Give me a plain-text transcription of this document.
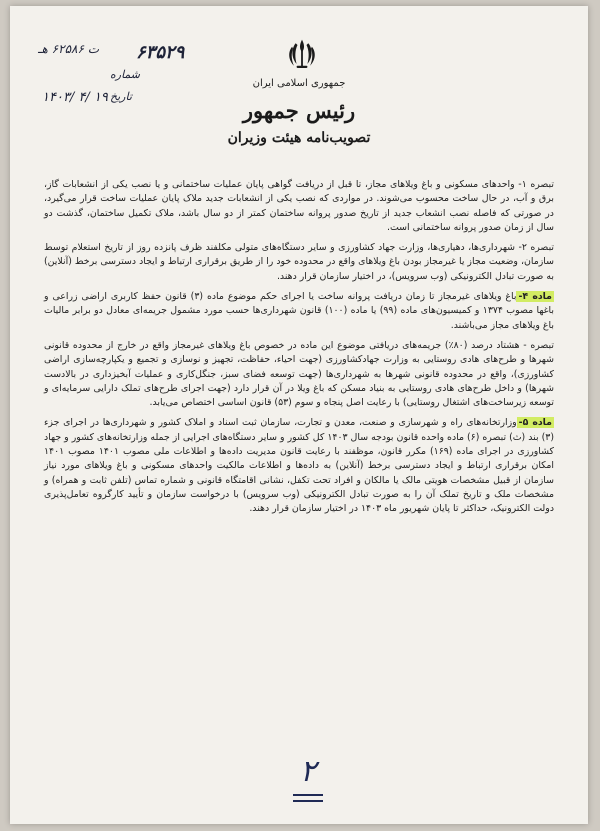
۶۳۵۲۹
ت ۶۲۵۸۶ هـ
شماره
تاریخ
۱۴۰۳/ ۴/ ۱۹
جمهوری اسلامی ایران
رئیس جمهور
تصویب‌نامه هیئت وزیران

تبصره ۱- واحدهای مسکونی و باغ ویلاهای مجاز، تا قبل از دریافت گواهی پایان عملیات ساختمانی و یا نصب یکی از انشعابات گاز، برق و آب، در حال ساخت محسوب می‌شوند. در مواردی که نصب یکی از انشعابات جدید ملاک پایان عملیات ساخت قرار می‌گیرد، در صورتی که فاصله نصب انشعاب جدید از تاریخ صدور پروانه ساختمان کمتر از دو سال باشد، ملاک تکمیل ساختمان، گذشت دو سال از زمان صدور پروانه ساختمانی است.

تبصره ۲- شهرداری‌ها، دهیاری‌ها، وزارت جهاد کشاورزی و سایر دستگاه‌های متولی مکلفند ظرف پانزده روز از تاریخ استعلام توسط سازمان، وضعیت مجاز یا غیرمجاز بودن باغ ویلاهای واقع در محدوده خود را از طریق برقراری ارتباط و ایجاد دسترسی برخط (آنلاین) به صورت تبادل الکترونیکی (وب سرویس)، در اختیار سازمان قرار دهند.

ماده ۴-باغ ویلاهای غیرمجاز تا زمان دریافت پروانه ساخت یا اجرای حکم موضوع ماده (۳) قانون حفظ کاربری اراضی زراعی و باغها مصوب ۱۳۷۴ و کمیسیون‌های ماده (۹۹) یا ماده (۱۰۰) قانون شهرداری‌ها حسب مورد مشمول جریمه‌ای معادل دو برابر مالیات باغ ویلاهای مجاز می‌باشند.

تبصره - هشتاد درصد (۸۰٪) جریمه‌های دریافتی موضوع این ماده در خصوص باغ ویلاهای غیرمجاز واقع در خارج از محدوده قانونی شهرها و طرح‌های هادی روستایی به وزارت جهادکشاورزی (جهت احیاء، حفاظت، تجهیز و نوسازی و تجمیع و یکپارچه‌سازی اراضی کشاورزی)، واقع در محدوده قانونی شهرها به شهرداری‌ها (جهت توسعه فضای سبز، جنگل‌کاری و عملیات آبخیزداری در بالادست شهرها) و داخل طرح‌های هادی روستایی به بنیاد مسکن که باغ ویلا در آن قرار دارد (جهت اجرای طرح‌های تملک دارایی سرمایه‌ای و توسعه زیرساخت‌های اشتغال روستایی) با رعایت اصل پنجاه و سوم (۵۳) قانون اساسی اختصاص می‌یابد.

ماده ۵-وزارتخانه‌های راه و شهرسازی و صنعت، معدن و تجارت، سازمان ثبت اسناد و املاک کشور و شهرداری‌ها در اجرای جزء (۳) بند (ث) تبصره (۶) ماده واحده قانون بودجه سال ۱۴۰۳ کل کشور و سایر دستگاه‌های اجرایی از جمله وزارتخانه‌های کشور و جهاد کشاورزی در اجرای ماده (۱۶۹) مکرر قانون، موظفند با رعایت قانون مدیریت داده‌ها و اطلاعات ملی مصوب ۱۴۰۱ مصوب ۱۴۰۱ امکان برقراری ارتباط و ایجاد دسترسی برخط (آنلاین) به داده‌ها و اطلاعات مالکیت واحدهای مسکونی و باغ ویلاهای مورد نیاز سازمان از قبیل مشخصات هویتی مالک یا مالکان و افراد تحت تکفل، نشانی اقامتگاه قانونی و شماره تماس (تلفن ثابت و همراه) و مشخصات ملک و تاریخ تملک آن را به صورت تبادل الکترونیکی (وب سرویس) با درخواست سازمان و تأیید کارگروه تعامل‌پذیری دولت الکترونیک، حداکثر تا پایان شهریور ماه ۱۴۰۳ در اختیار سازمان قرار دهند.

۲
